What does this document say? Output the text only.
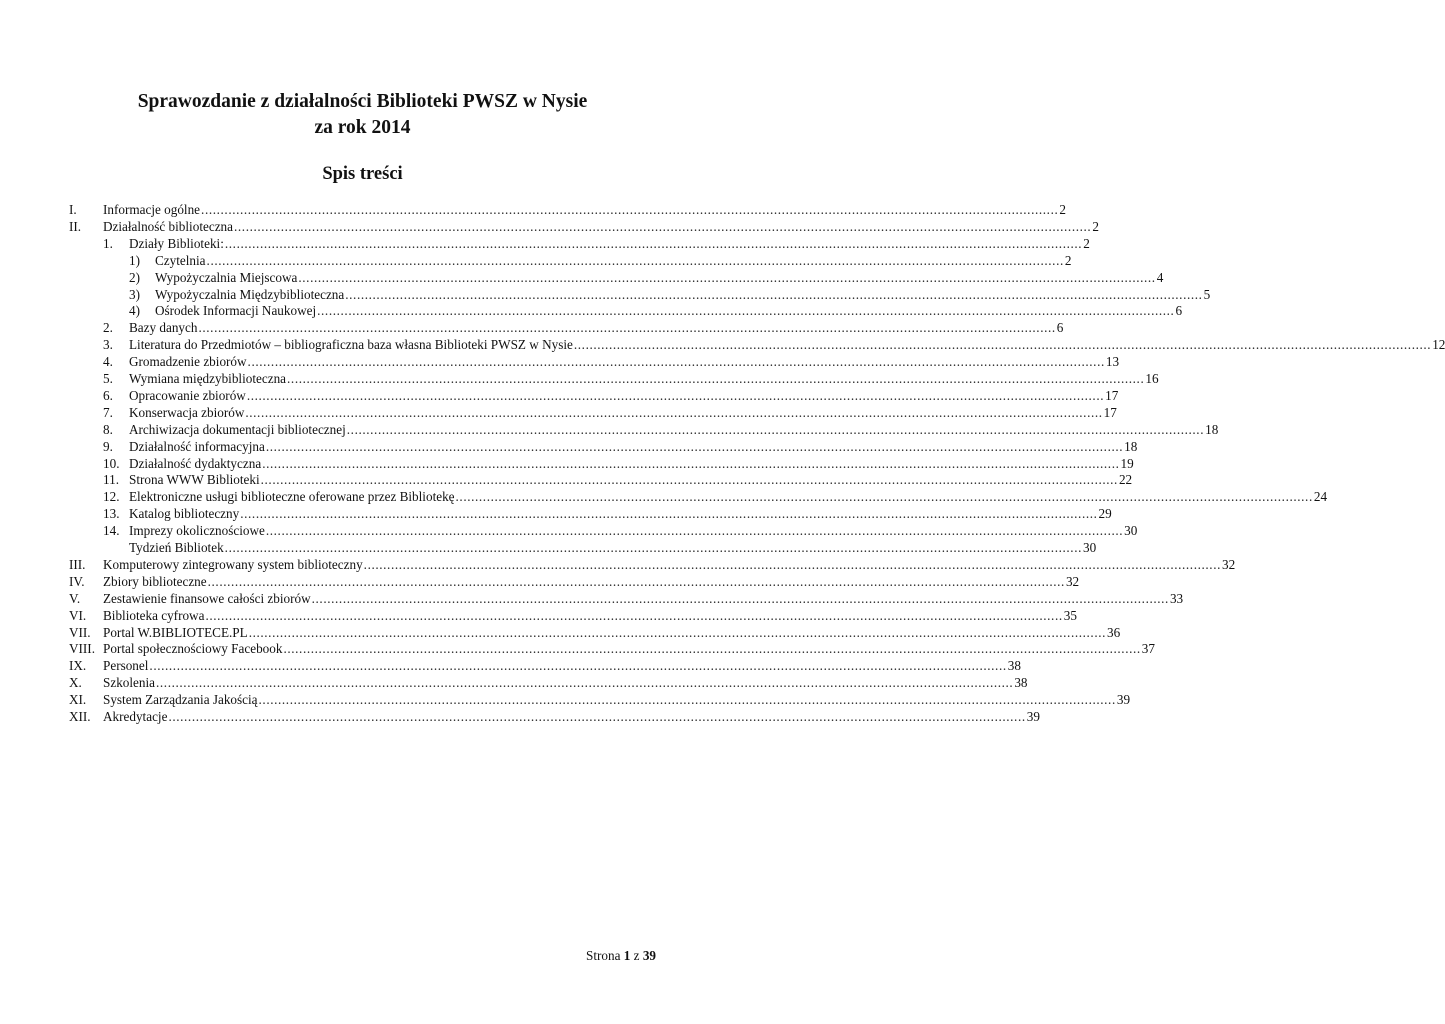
Sprawozdanie z działalności Biblioteki PWSZ w Nysie
za rok 2014
Spis treści
I. Informacje ogólne ............................................................................................................................................................................................................................ 2
II. Działalność biblioteczna ............................................................................................................................................................................................................................ 2
1. Działy Biblioteki: ............................................................................................................................................................................................................................ 2
1) Czytelnia ............................................................................................................................................................................................................................ 2
2) Wypożyczalnia Miejscowa ............................................................................................................................................................................................................................ 4
3) Wypożyczalnia Międzybiblioteczna ............................................................................................................................................................................................................................ 5
4) Ośrodek Informacji Naukowej ............................................................................................................................................................................................................................ 6
2. Bazy danych ............................................................................................................................................................................................................................ 6
3. Literatura do Przedmiotów – bibliograficzna baza własna Biblioteki PWSZ w Nysie ............................................................................................................................................................................................................................ 12
4. Gromadzenie zbiorów ............................................................................................................................................................................................................................ 13
5. Wymiana międzybiblioteczna ............................................................................................................................................................................................................................ 16
6. Opracowanie zbiorów ............................................................................................................................................................................................................................ 17
7. Konserwacja zbiorów ............................................................................................................................................................................................................................ 17
8. Archiwizacja dokumentacji bibliotecznej ............................................................................................................................................................................................................................ 18
9. Działalność informacyjna ............................................................................................................................................................................................................................ 18
10. Działalność dydaktyczna ............................................................................................................................................................................................................................ 19
11. Strona WWW Biblioteki ............................................................................................................................................................................................................................ 22
12. Elektroniczne usługi biblioteczne oferowane przez Bibliotekę ............................................................................................................................................................................................................................ 24
13. Katalog biblioteczny ............................................................................................................................................................................................................................ 29
14. Imprezy okolicznościowe ............................................................................................................................................................................................................................ 30
Tydzień Bibliotek ............................................................................................................................................................................................................................ 30
III. Komputerowy zintegrowany system biblioteczny ............................................................................................................................................................................................................................ 32
IV. Zbiory biblioteczne ............................................................................................................................................................................................................................ 32
V. Zestawienie finansowe całości zbiorów ............................................................................................................................................................................................................................ 33
VI. Biblioteka cyfrowa ............................................................................................................................................................................................................................ 35
VII. Portal W.BIBLIOTECE.PL ............................................................................................................................................................................................................................ 36
VIII. Portal społecznościowy Facebook ............................................................................................................................................................................................................................ 37
IX. Personel ............................................................................................................................................................................................................................ 38
X. Szkolenia ............................................................................................................................................................................................................................ 38
XI. System Zarządzania Jakością ............................................................................................................................................................................................................................ 39
XII. Akredytacje ............................................................................................................................................................................................................................ 39
Strona 1 z 39
